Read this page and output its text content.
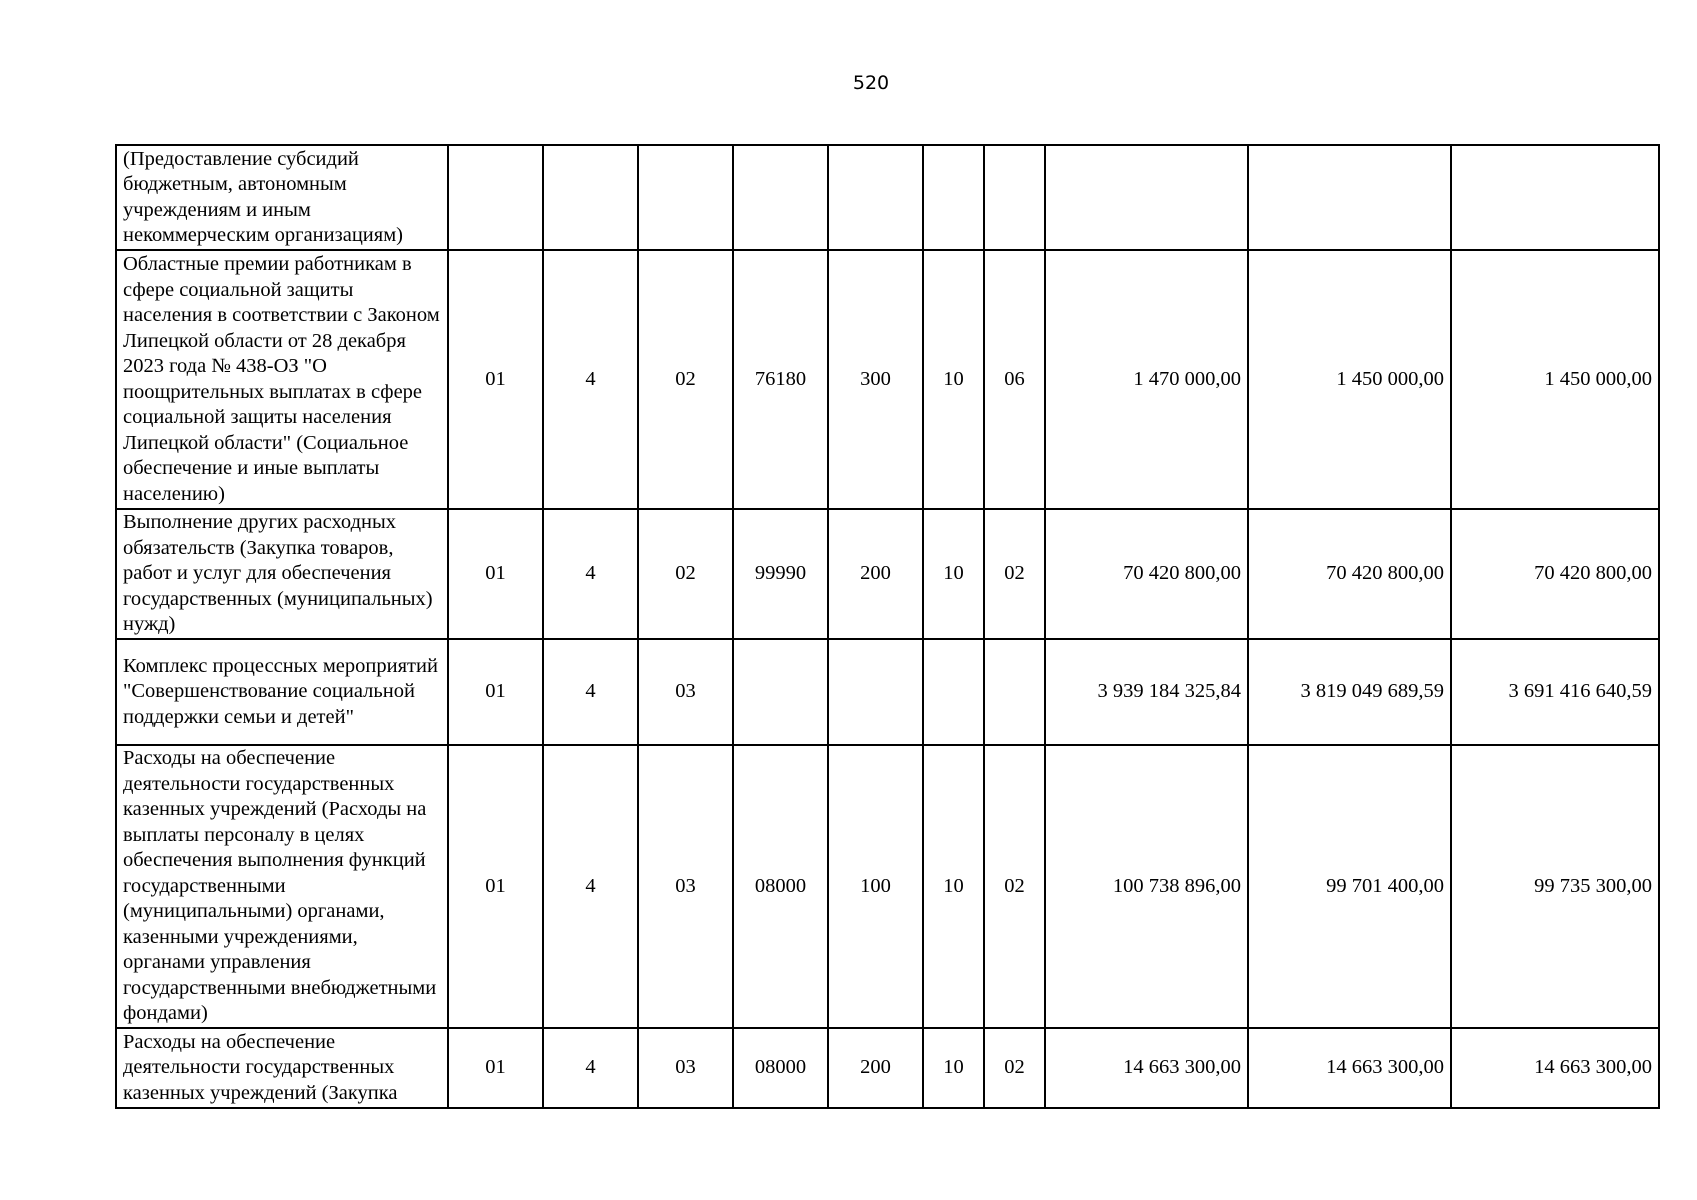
520
(Предоставление субсидий бюджетным, автономным учреждениям и иным некоммерческим организациям)										
Областные премии работникам в сфере социальной защиты населения в соответствии с Законом Липецкой области от 28 декабря 2023 года № 438-ОЗ "О поощрительных выплатах в сфере социальной защиты населения Липецкой области" (Социальное обеспечение и иные выплаты населению)	01	4	02	76180	300	10	06	1 470 000,00	1 450 000,00	1 450 000,00
Выполнение других расходных обязательств (Закупка товаров, работ и услуг для обеспечения государственных (муниципальных) нужд)	01	4	02	99990	200	10	02	70 420 800,00	70 420 800,00	70 420 800,00
Комплекс процессных мероприятий "Совершенствование социальной поддержки семьи и детей"	01	4	03					3 939 184 325,84	3 819 049 689,59	3 691 416 640,59
Расходы на обеспечение деятельности государственных казенных учреждений (Расходы на выплаты персоналу в целях обеспечения выполнения функций государственными (муниципальными) органами, казенными учреждениями, органами управления государственными внебюджетными фондами)	01	4	03	08000	100	10	02	100 738 896,00	99 701 400,00	99 735 300,00
Расходы на обеспечение деятельности государственных казенных учреждений (Закупка	01	4	03	08000	200	10	02	14 663 300,00	14 663 300,00	14 663 300,00
